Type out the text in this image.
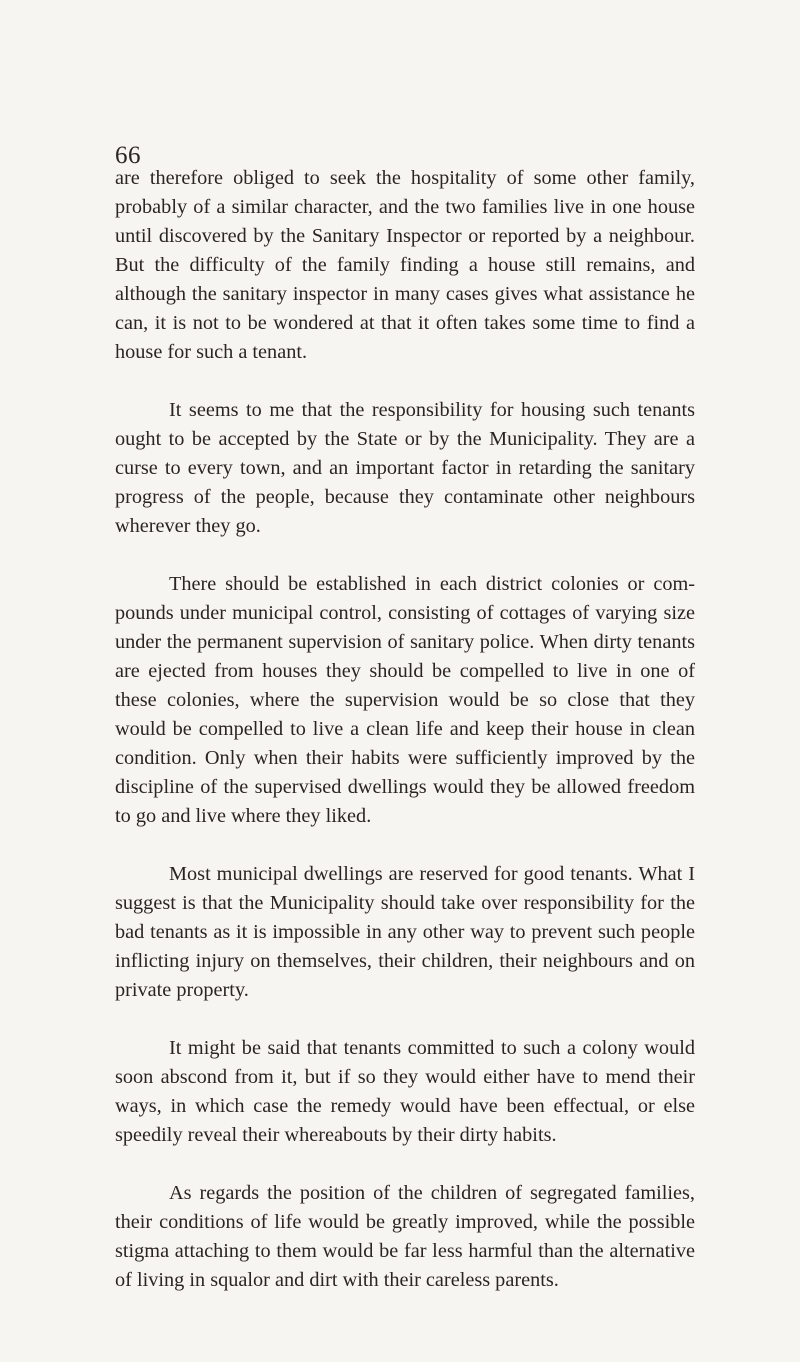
66

are therefore obliged to seek the hospitality of some other family, probably of a similar character, and the two families live in one house until discovered by the Sanitary Inspector or reported by a neighbour. But the difficulty of the family finding a house still remains, and although the sanitary inspector in many cases gives what assistance he can, it is not to be wondered at that it often takes some time to find a house for such a tenant.

It seems to me that the responsibility for housing such tenants ought to be accepted by the State or by the Municipality. They are a curse to every town, and an important factor in retarding the sanitary progress of the people, because they contaminate other neighbours wherever they go.

There should be established in each district colonies or compounds under municipal control, consisting of cottages of varying size under the permanent supervision of sanitary police. When dirty tenants are ejected from houses they should be compelled to live in one of these colonies, where the supervision would be so close that they would be compelled to live a clean life and keep their house in clean condition. Only when their habits were sufficiently improved by the discipline of the supervised dwellings would they be allowed freedom to go and live where they liked.

Most municipal dwellings are reserved for good tenants. What I suggest is that the Municipality should take over responsibility for the bad tenants as it is impossible in any other way to prevent such people inflicting injury on themselves, their children, their neighbours and on private property.

It might be said that tenants committed to such a colony would soon abscond from it, but if so they would either have to mend their ways, in which case the remedy would have been effectual, or else speedily reveal their whereabouts by their dirty habits.

As regards the position of the children of segregated families, their conditions of life would be greatly improved, while the possible stigma attaching to them would be far less harmful than the alternative of living in squalor and dirt with their careless parents.
